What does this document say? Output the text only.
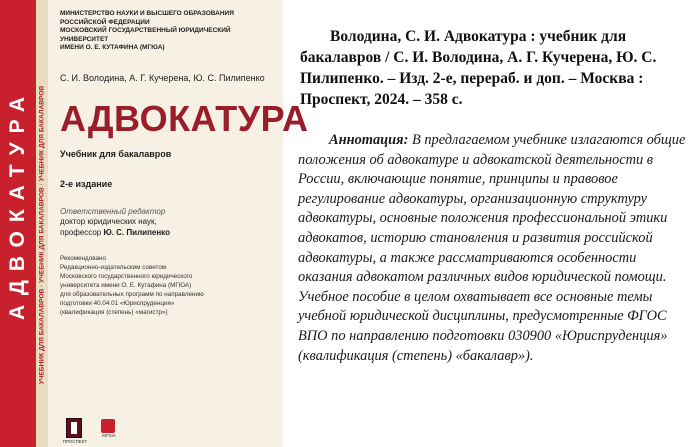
АДВОКАТУРА УЧЕБНИК ДЛЯ БАКАЛАВРОВ · УЧЕБНИК ДЛЯ БАКАЛАВРОВ · УЧЕБНИК ДЛЯ БАКАЛАВРОВ
МИНИСТЕРСТВО НАУКИ И ВЫСШЕГО ОБРАЗОВАНИЯ РОССИЙСКОЙ ФЕДЕРАЦИИ
МОСКОВСКИЙ ГОСУДАРСТВЕННЫЙ ЮРИДИЧЕСКИЙ УНИВЕРСИТЕТ
ИМЕНИ О. Е. КУТАФИНА (МГЮА)
С. И. Володина, А. Г. Кучерена, Ю. С. Пилипенко
АДВОКАТУРА
Учебник для бакалавров
2-е издание
Ответственный редактор
доктор юридических наук,
профессор Ю. С. Пилипенко
Рекомендовано
Редакционно-издательским советом
Московского государственного юридического
университета имени О. Е. Кутафина (МГЮА)
для образовательных программ по направлению
подготовки 40.04.01 «Юриспруденция»
(квалификация (степень) «магистр»)
ПРОСПЕКТ
МГЮА

Володина, С. И. Адвокатура : учебник для бакалавров / С. И. Володина, А. Г. Кучерена, Ю. С. Пилипенко. – Изд. 2-е, перераб. и доп. – Москва : Проспект, 2024. – 358 с.

Аннотация: В предлагаемом учебнике излагаются общие положения об адвокатуре и адвокатской деятельности в России, включающие понятие, принципы и правовое регулирование адвокатуры, организационную структуру адвокатуры, основные положения профессиональной этики адвокатов, историю становления и развития российской адвокатуры, а также рассматриваются особенности оказания адвокатом различных видов юридической помощи. Учебное пособие в целом охватывает все основные темы учебной юридической дисциплины, предусмотренные ФГОС ВПО по направлению подготовки 030900 «Юриспруденция» (квалификация (степень) «бакалавр»).
